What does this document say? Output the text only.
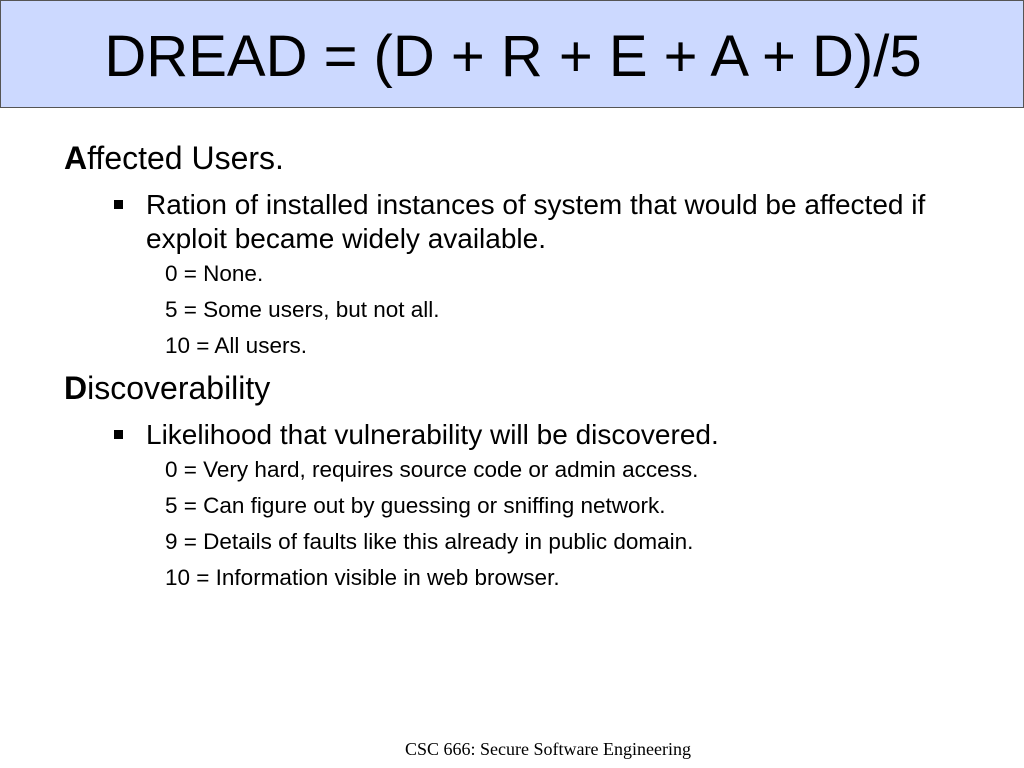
DREAD = (D + R + E + A + D)/5

Affected Users.

Ration of installed instances of system that would be affected if exploit became widely available.

0 = None.

5 = Some users, but not all.

10 = All users.

Discoverability

Likelihood that vulnerability will be discovered.

0 = Very hard, requires source code or admin access.

5 = Can figure out by guessing or sniffing network.

9 = Details of faults like this already in public domain.

10 = Information visible in web browser.

CSC 666: Secure Software Engineering
